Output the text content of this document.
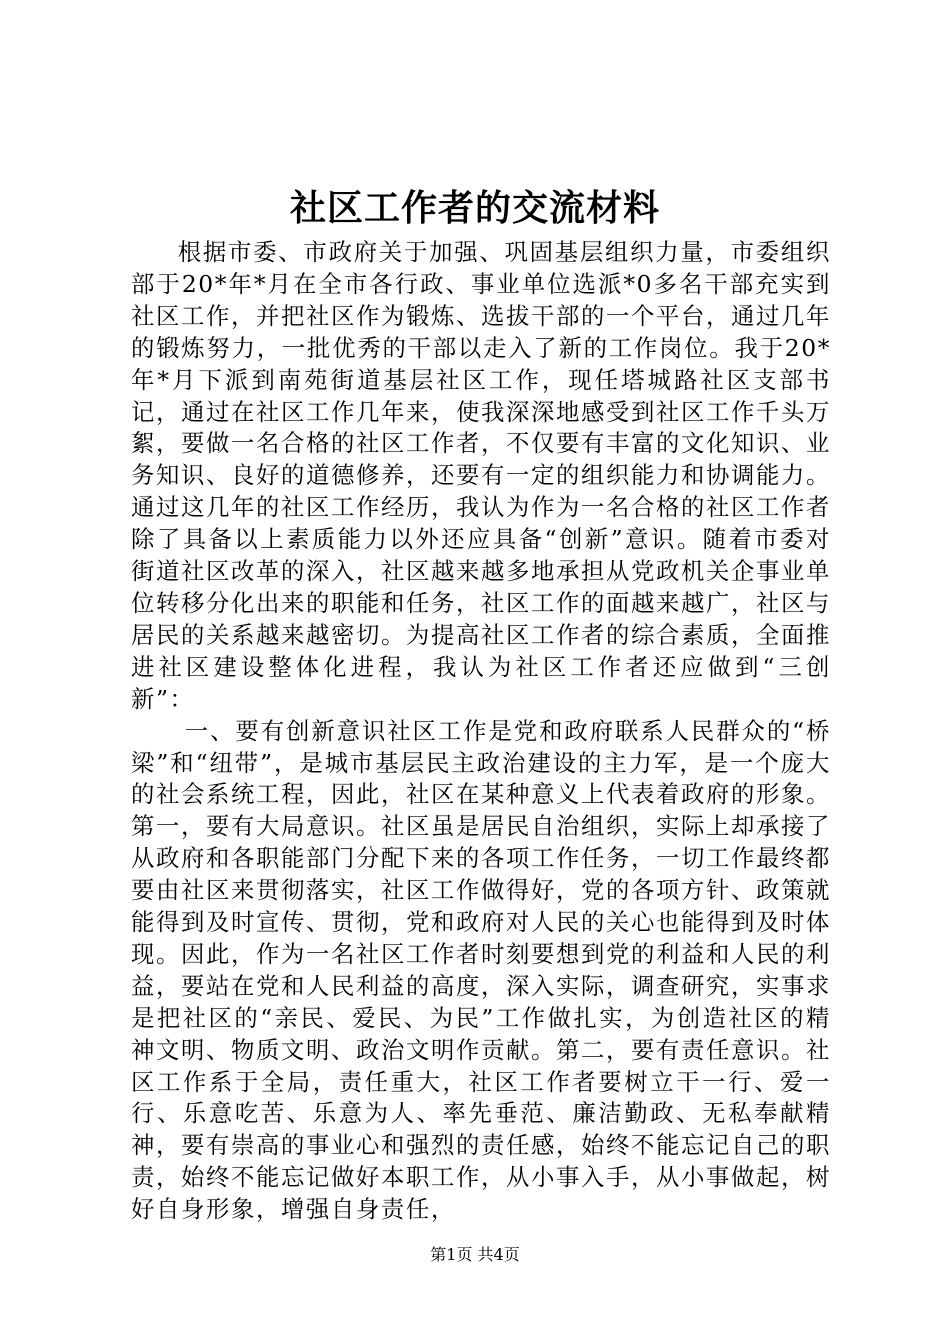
社区工作者的交流材料

根据市委、市政府关于加强、巩固基层组织力量，市委组织部于20*年*月在全市各行政、事业单位选派*0多名干部充实到社区工作，并把社区作为锻炼、选拔干部的一个平台，通过几年的锻炼努力，一批优秀的干部以走入了新的工作岗位。我于20*年*月下派到南苑街道基层社区工作，现任塔城路社区支部书记，通过在社区工作几年来，使我深深地感受到社区工作千头万絮，要做一名合格的社区工作者，不仅要有丰富的文化知识、业务知识、良好的道德修养，还要有一定的组织能力和协调能力。通过这几年的社区工作经历，我认为作为一名合格的社区工作者除了具备以上素质能力以外还应具备“创新”意识。随着市委对街道社区改革的深入，社区越来越多地承担从党政机关企事业单位转移分化出来的职能和任务，社区工作的面越来越广，社区与居民的关系越来越密切。为提高社区工作者的综合素质，全面推进社区建设整体化进程，我认为社区工作者还应做到“三创新”：

一、要有创新意识社区工作是党和政府联系人民群众的“桥梁”和“纽带”，是城市基层民主政治建设的主力军，是一个庞大的社会系统工程，因此，社区在某种意义上代表着政府的形象。第一，要有大局意识。社区虽是居民自治组织，实际上却承接了从政府和各职能部门分配下来的各项工作任务，一切工作最终都要由社区来贯彻落实，社区工作做得好，党的各项方针、政策就能得到及时宣传、贯彻，党和政府对人民的关心也能得到及时体现。因此，作为一名社区工作者时刻要想到党的利益和人民的利益，要站在党和人民利益的高度，深入实际，调查研究，实事求是把社区的“亲民、爱民、为民”工作做扎实，为创造社区的精神文明、物质文明、政治文明作贡献。第二，要有责任意识。社区工作系于全局，责任重大，社区工作者要树立干一行、爱一行、乐意吃苦、乐意为人、率先垂范、廉洁勤政、无私奉献精神，要有崇高的事业心和强烈的责任感，始终不能忘记自己的职责，始终不能忘记做好本职工作，从小事入手，从小事做起，树好自身形象，增强自身责任，

第1页 共4页
